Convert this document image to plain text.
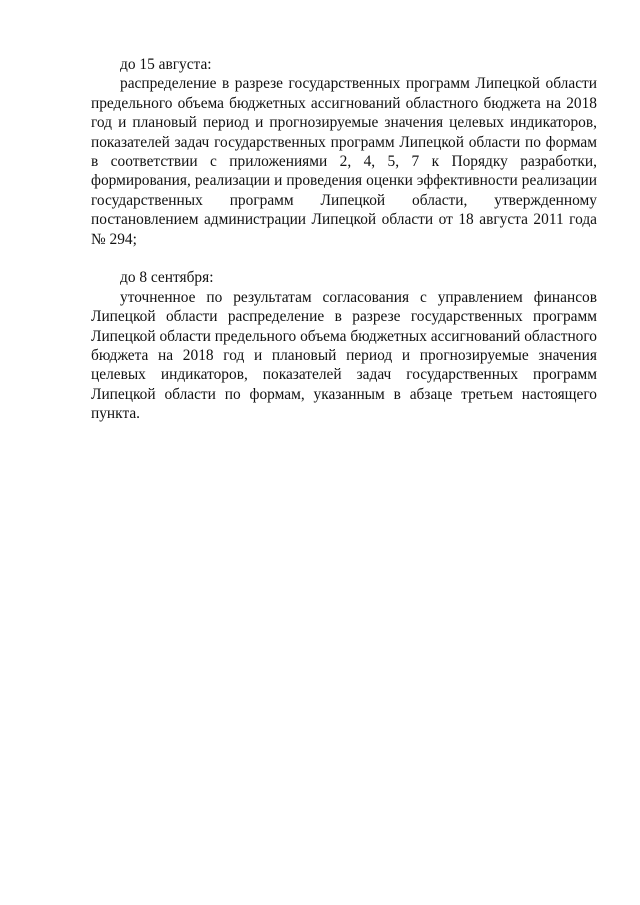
до 15 августа:

распределение в разрезе государственных программ Липецкой области предельного объема бюджетных ассигнований областного бюджета на 2018 год и плановый период и прогнозируемые значения целевых индикаторов, показателей задач государственных программ Липецкой области по формам в соответствии с приложениями 2, 4, 5, 7 к Порядку разработки, формирования, реализации и проведения оценки эффективности реализации государственных программ Липецкой области, утвержденному постановлением администрации Липецкой области от 18 августа 2011 года № 294;

до 8 сентября:

уточненное по результатам согласования с управлением финансов Липецкой области распределение в разрезе государственных программ Липецкой области предельного объема бюджетных ассигнований областного бюджета на 2018 год и плановый период и прогнозируемые значения целевых индикаторов, показателей задач государственных программ Липецкой области по формам, указанным в абзаце третьем настоящего пункта.
